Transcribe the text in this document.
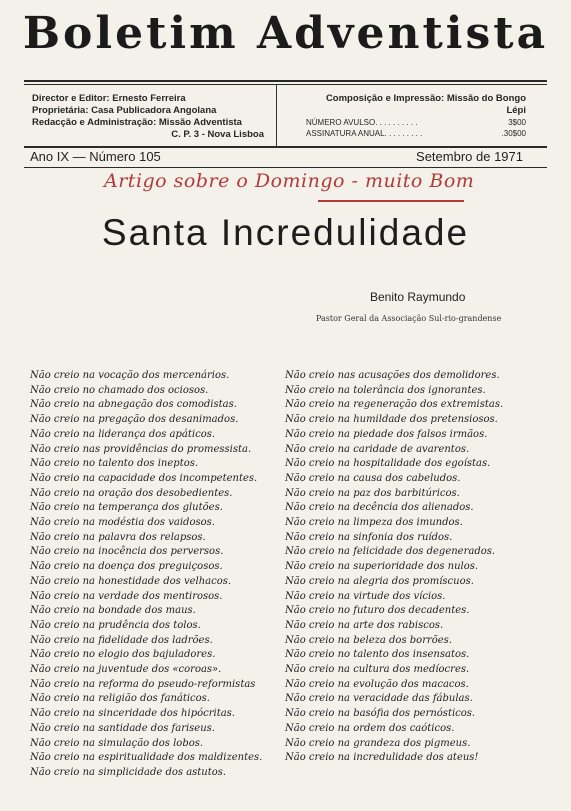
Boletim Adventista
Director e Editor: Ernesto Ferreira
Proprietária: Casa Publicadora Angolana
Redacção e Administração: Missão Adventista
C. P. 3 - Nova Lisboa
Composição e Impressão: Missão do Bongo
Lépi
NÚMERO AVULSO . . . . . . . . . .	3$00
ASSINATURA ANUAL . . . . . . . . .	.30$00
Ano IX — Número 105	Setembro de 1971
Artigo sobre o Domingo - muito Bom
Santa Incredulidade
Benito Raymundo
Pastor Geral da Associação Sul-rio-grandense
Não creio na vocação dos mercenários.
Não creio no chamado dos ociosos.
Não creio na abnegação dos comodistas.
Não creio na pregação dos desanimados.
Não creio na liderança dos apáticos.
Não creio nas providências do promessista.
Não creio no talento dos ineptos.
Não creio na capacidade dos incompetentes.
Não creio na oração dos desobedientes.
Não creio na temperança dos glutões.
Não creio na modéstia dos vaidosos.
Não creio na palavra dos relapsos.
Não creio na inocência dos perversos.
Não creio na doença dos preguiçosos.
Não creio na honestidade dos velhacos.
Não creio na verdade dos mentirosos.
Não creio na bondade dos maus.
Não creio na prudência dos tolos.
Não creio na fidelidade dos ladrões.
Não creio no elogio dos bajuladores.
Não creio na juventude dos «coroas».
Não creio na reforma do pseudo-reformistas
Não creio na religião dos fanáticos.
Não creio na sinceridade dos hipócritas.
Não creio na santidade dos fariseus.
Não creio na simulação dos lobos.
Não creio na espiritualidade dos maldizentes.
Não creio na simplicidade dos astutos.
Não creio nas acusações dos demolidores.
Não creio na tolerância dos ignorantes.
Não creio na regeneração dos extremistas.
Não creio na humildade dos pretensiosos.
Não creio na piedade dos falsos irmãos.
Não creio na caridade de avarentos.
Não creio na hospitalidade dos egoístas.
Não creio na causa dos cabeludos.
Não creio na paz dos barbitúricos.
Não creio na decência dos alienados.
Não creio na limpeza dos imundos.
Não creio na sinfonia dos ruídos.
Não creio na felicidade dos degenerados.
Não creio na superioridade dos nulos.
Não creio na alegria dos promíscuos.
Não creio na virtude dos vícios.
Não creio no futuro dos decadentes.
Não creio na arte dos rabiscos.
Não creio na beleza dos borrões.
Não creio no talento dos insensatos.
Não creio na cultura dos medíocres.
Não creio na evolução dos macacos.
Não creio na veracidade das fábulas.
Não creio na basófia dos pernósticos.
Não creio na ordem dos caóticos.
Não creio na grandeza dos pigmeus.
Não creio na incredulidade dos ateus!
